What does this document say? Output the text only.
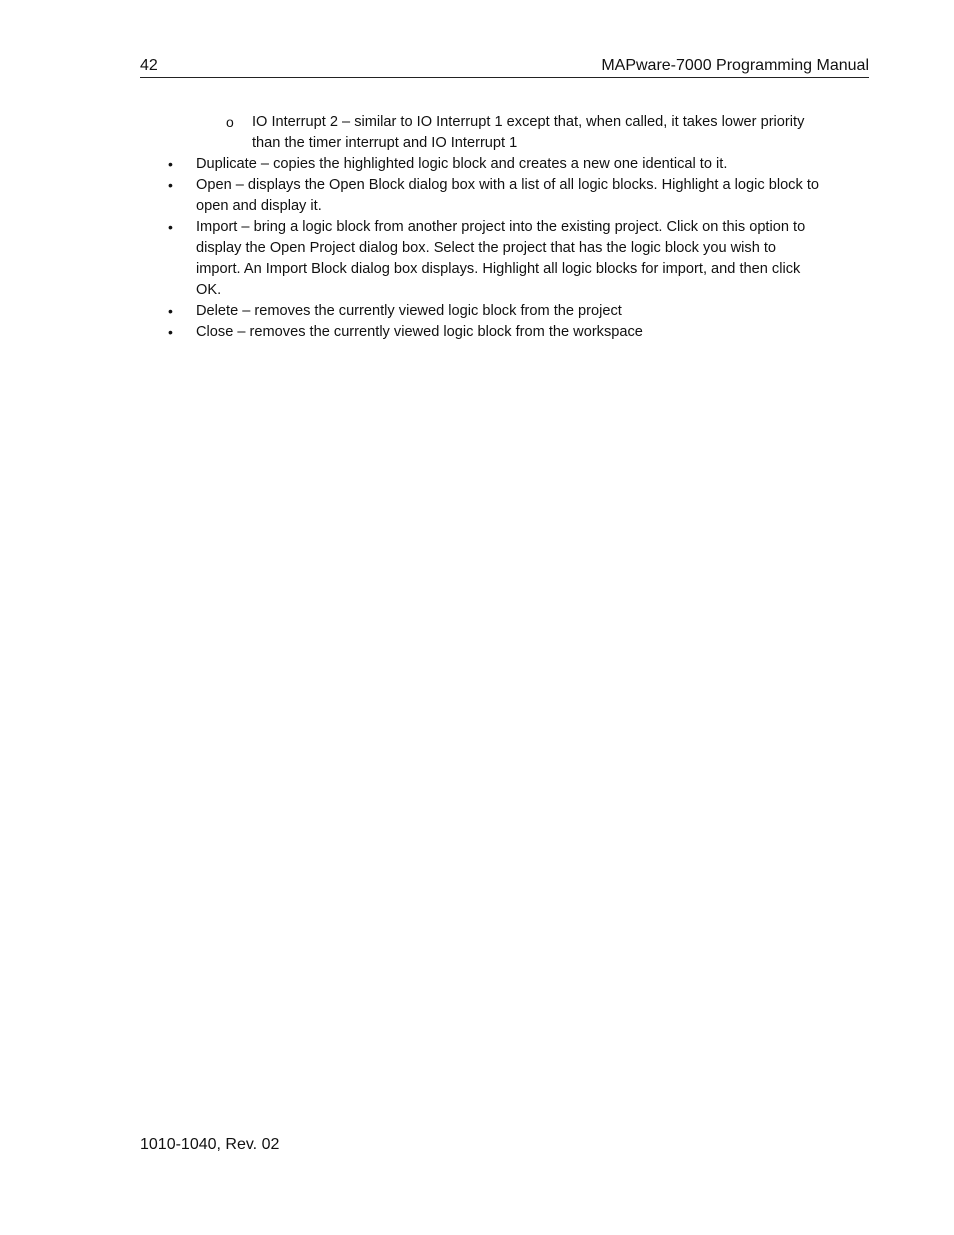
42	MAPware-7000 Programming Manual
o IO Interrupt 2 – similar to IO Interrupt 1 except that, when called, it takes lower priority than the timer interrupt and IO Interrupt 1
• Duplicate – copies the highlighted logic block and creates a new one identical to it.
• Open – displays the Open Block dialog box with a list of all logic blocks. Highlight a logic block to open and display it.
• Import – bring a logic block from another project into the existing project. Click on this option to display the Open Project dialog box. Select the project that has the logic block you wish to import. An Import Block dialog box displays. Highlight all logic blocks for import, and then click OK.
• Delete – removes the currently viewed logic block from the project
• Close – removes the currently viewed logic block from the workspace
1010-1040, Rev. 02
